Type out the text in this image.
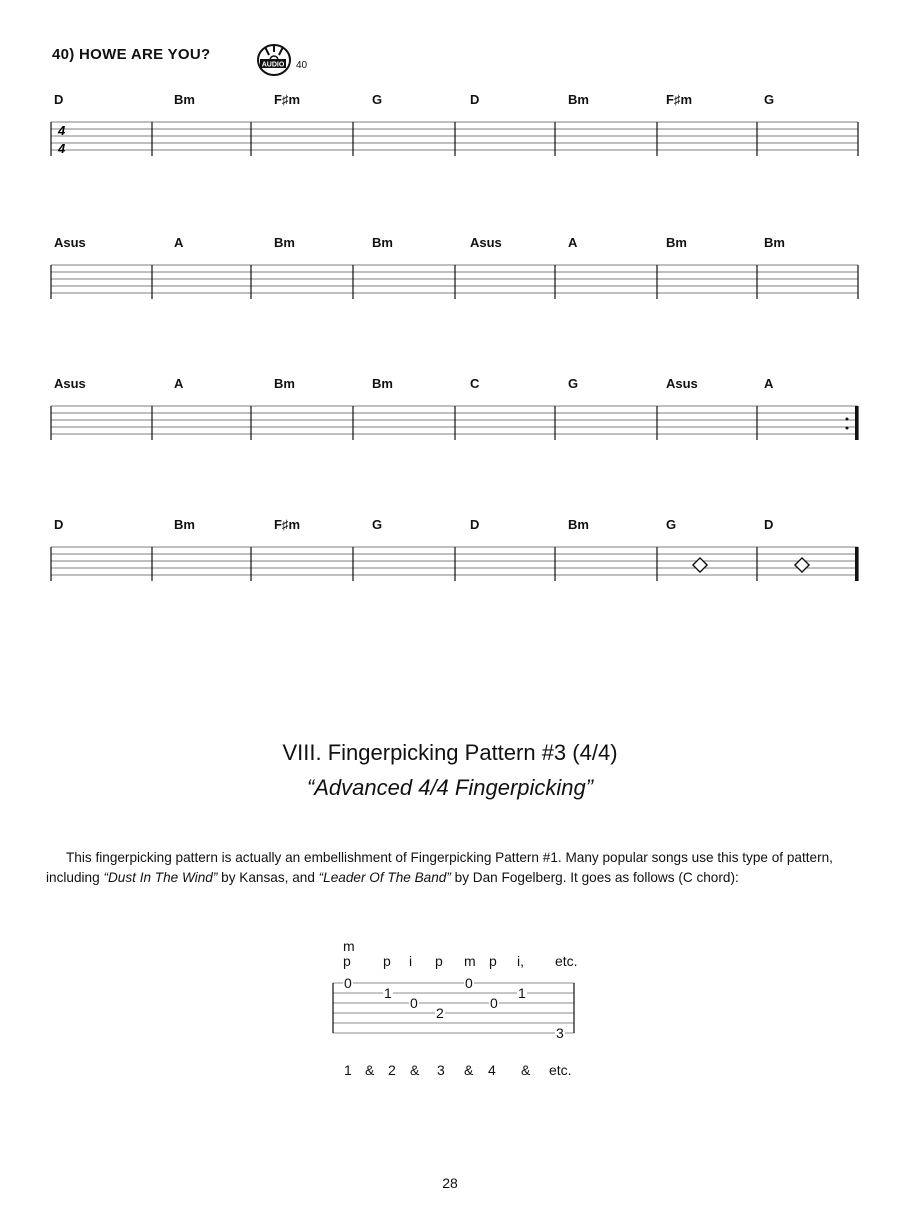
40) HOWE ARE YOU?
AUDIO 40
D	Bm	F♯m	G	D	Bm	F♯m	G
4
4
Asus	A	Bm	Bm	Asus	A	Bm	Bm
Asus	A	Bm	Bm	C	G	Asus	A
D	Bm	F♯m	G	D	Bm	G	D
VIII. Fingerpicking Pattern #3 (4/4)
“Advanced 4/4 Fingerpicking”
This fingerpicking pattern is actually an embellishment of Fingerpicking Pattern #1. Many popular songs use this type of pattern, including “Dust In The Wind” by Kansas, and “Leader Of The Band” by Dan Fogelberg. It goes as follows (C chord):
m
p p i p m p i, etc.
0
1
0
2
0
0
1
3
1 & 2 & 3 & 4 & etc.
28
